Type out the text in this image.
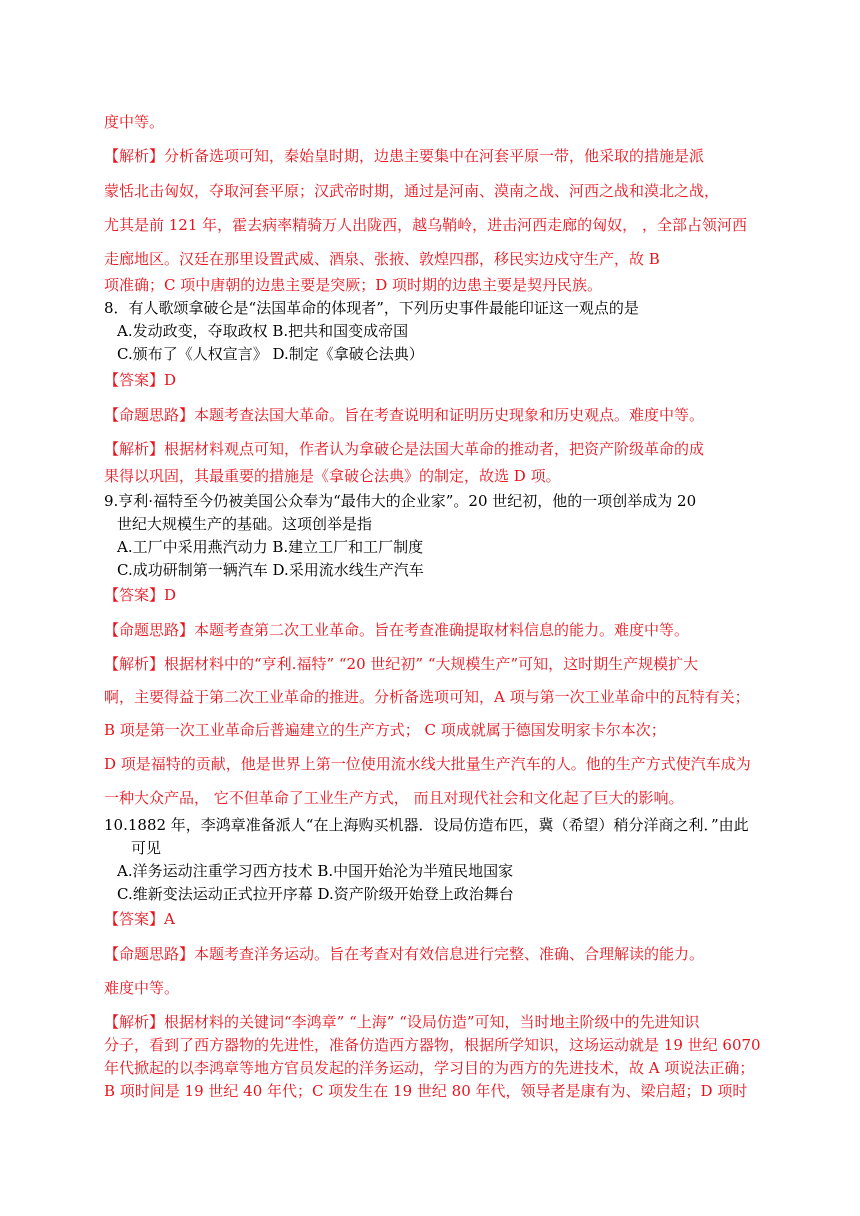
度中等。
【解析】分析备选项可知，秦始皇时期，边患主要集中在河套平原一带，他采取的措施是派
蒙恬北击匈奴，夺取河套平原；汉武帝时期，通过是河南、漠南之战、河西之战和漠北之战，
尤其是前 121 年，霍去病率精骑万人出陇西，越乌鞘岭，进击河西走廊的匈奴， ，全部占领河西
走廊地区。汉廷在那里设置武威、酒泉、张掖、敦煌四郡，移民实边戍守生产，故 B
项准确；C 项中唐朝的边患主要是突厥；D 项时期的边患主要是契丹民族。
8．有人歌颂拿破仑是“法国革命的体现者”，下列历史事件最能印证这一观点的是
A.发动政变，夺取政权 B.把共和国变成帝国
C.颁布了《人权宣言》 D.制定《拿破仑法典）
【答案】D
【命题思路】本题考查法国大革命。旨在考查说明和证明历史现象和历史观点。难度中等。
【解析】根据材料观点可知，作者认为拿破仑是法国大革命的推动者，把资产阶级革命的成
果得以巩固，其最重要的措施是《拿破仑法典》的制定，故选 D 项。
9.亨利·福特至今仍被美国公众奉为“最伟大的企业家”。20 世纪初，他的一项创举成为 20
世纪大规模生产的基础。这项创举是指
A.工厂中采用燕汽动力 B.建立工厂和工厂制度
C.成功研制第一辆汽车 D.采用流水线生产汽车
【答案】D
【命题思路】本题考查第二次工业革命。旨在考查准确提取材料信息的能力。难度中等。
【解析】根据材料中的“亨利.福特” “20 世纪初” “大规模生产”可知，这时期生产规模扩大
啊，主要得益于第二次工业革命的推进。分析备选项可知，A 项与第一次工业革命中的瓦特有关；
B 项是第一次工业革命后普遍建立的生产方式； C 项成就属于德国发明家卡尔本次；
D 项是福特的贡献，他是世界上第一位使用流水线大批量生产汽车的人。他的生产方式使汽车成为
一种大众产品， 它不但革命了工业生产方式， 而且对现代社会和文化起了巨大的影响。
10.1882 年，李鸿章准备派人“在上海购买机器．设局仿造布匹，冀（希望）稍分洋商之利．”由此
可见
A.洋务运动注重学习西方技术 B.中国开始沦为半殖民地国家
C.维新变法运动正式拉开序幕 D.资产阶级开始登上政治舞台
【答案】A
【命题思路】本题考查洋务运动。旨在考查对有效信息进行完整、准确、合理解读的能力。
难度中等。
【解析】根据材料的关键词“李鸿章” “上海” “设局仿造”可知，当时地主阶级中的先进知识
分子，看到了西方器物的先进性，准备仿造西方器物，根据所学知识，这场运动就是 19 世纪 6070
年代掀起的以李鸿章等地方官员发起的洋务运动，学习目的为西方的先进技术，故 A 项说法正确；
B 项时间是 19 世纪 40 年代；C 项发生在 19 世纪 80 年代，领导者是康有为、梁启超；D 项时
